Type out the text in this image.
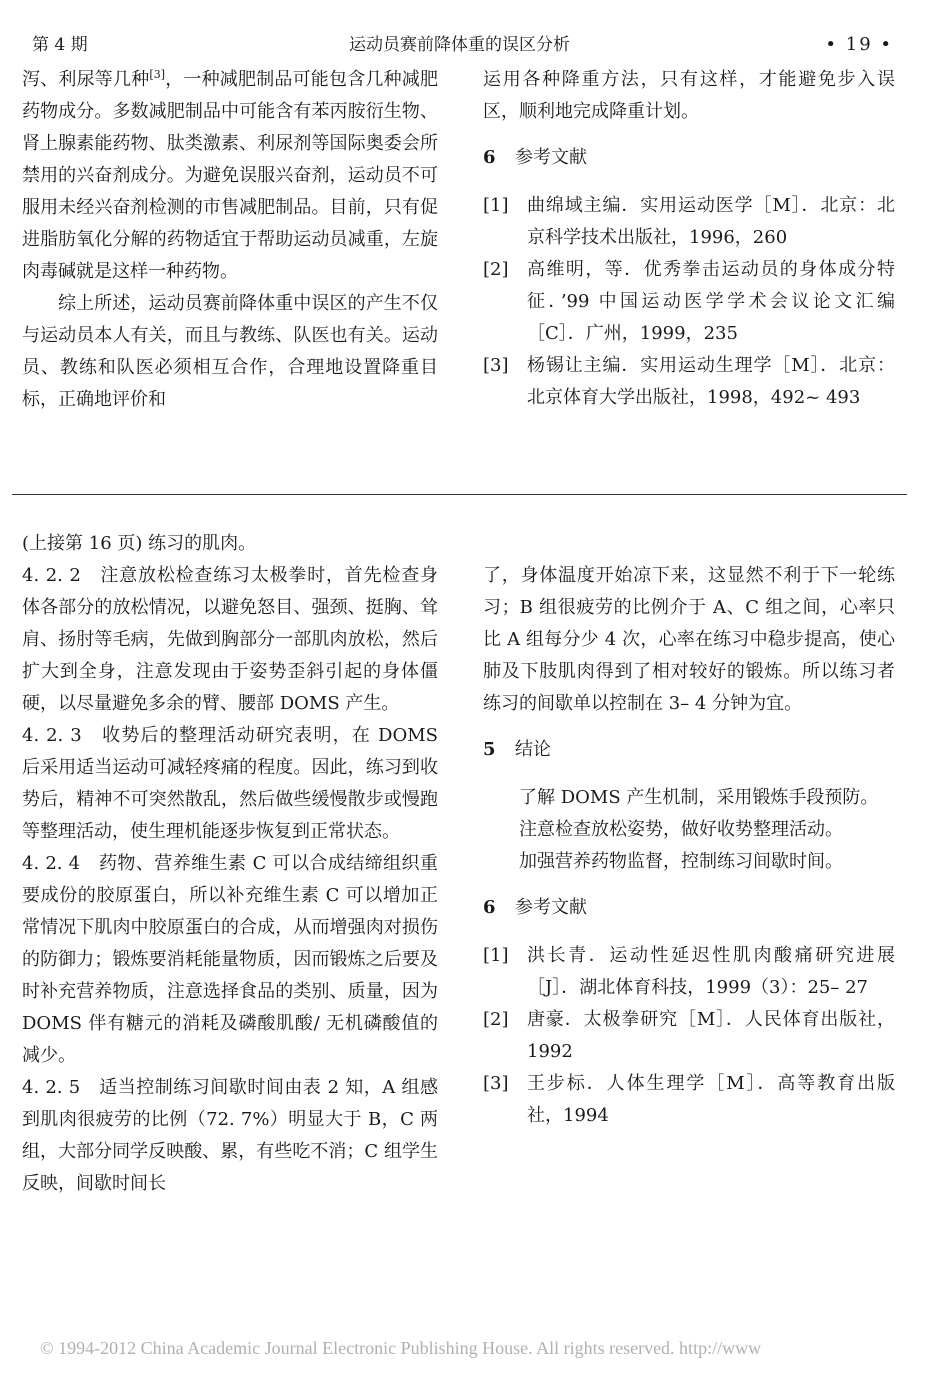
第 4 期	运动员赛前降体重的误区分析	• 19 •

泻、利尿等几种[3]，一种减肥制品可能包含几种减肥药物成分。多数减肥制品中可能含有苯丙胺衍生物、肾上腺素能药物、肽类激素、利尿剂等国际奥委会所禁用的兴奋剂成分。为避免误服兴奋剂，运动员不可服用未经兴奋剂检测的市售减肥制品。目前，只有促进脂肪氧化分解的药物适宜于帮助运动员减重，左旋肉毒碱就是这样一种药物。

综上所述，运动员赛前降体重中误区的产生不仅与运动员本人有关，而且与教练、队医也有关。运动员、教练和队医必须相互合作，合理地设置降重目标，正确地评价和

运用各种降重方法，只有这样，才能避免步入误区，顺利地完成降重计划。

6 参考文献
[1]	曲绵域主编．实用运动医学［M］．北京：北京科学技术出版社，1996，260
[2]	高维明，等．优秀拳击运动员的身体成分特征．’99 中国运动医学学术会议论文汇编［C］．广州，1999，235
[3]	杨锡让主编．实用运动生理学［M］．北京：北京体育大学出版社，1998，492~ 493

(上接第 16 页) 练习的肌肉。

4. 2. 2　注意放松检查练习太极拳时，首先检查身体各部分的放松情况，以避免怒目、强颈、挺胸、耸肩、扬肘等毛病，先做到胸部分一部肌肉放松，然后扩大到全身，注意发现由于姿势歪斜引起的身体僵硬，以尽量避免多余的臂、腰部 DOMS 产生。

4. 2. 3　收势后的整理活动研究表明，在 DOMS 后采用适当运动可减轻疼痛的程度。因此，练习到收势后，精神不可突然散乱，然后做些缓慢散步或慢跑等整理活动，使生理机能逐步恢复到正常状态。

4. 2. 4　药物、营养维生素 C 可以合成结缔组织重要成份的胶原蛋白，所以补充维生素 C 可以增加正常情况下肌肉中胶原蛋白的合成，从而增强肉对损伤的防御力；锻炼要消耗能量物质，因而锻炼之后要及时补充营养物质，注意选择食品的类别、质量，因为 DOMS 伴有糖元的消耗及磷酸肌酸/ 无机磷酸值的减少。

4. 2. 5　适当控制练习间歇时间由表 2 知，A 组感到肌肉很疲劳的比例（72. 7%）明显大于 B，C 两组，大部分同学反映酸、累，有些吃不消；C 组学生反映，间歇时间长

了，身体温度开始凉下来，这显然不利于下一轮练习；B 组很疲劳的比例介于 A、C 组之间，心率只比 A 组每分少 4 次，心率在练习中稳步提高，使心肺及下肢肌肉得到了相对较好的锻炼。所以练习者练习的间歇单以控制在 3– 4 分钟为宜。

5 结论

了解 DOMS 产生机制，采用锻炼手段预防。

注意检查放松姿势，做好收势整理活动。

加强营养药物监督，控制练习间歇时间。

6 参考文献
[1]	洪长青．运动性延迟性肌肉酸痛研究进展［J］．湖北体育科技，1999（3）：25– 27
[2]	唐豪．太极拳研究［M］．人民体育出版社，1992
[3]	王步标．人体生理学［M］．高等教育出版社，1994
© 1994-2012 China Academic Journal Electronic Publishing House. All rights reserved. http://www
